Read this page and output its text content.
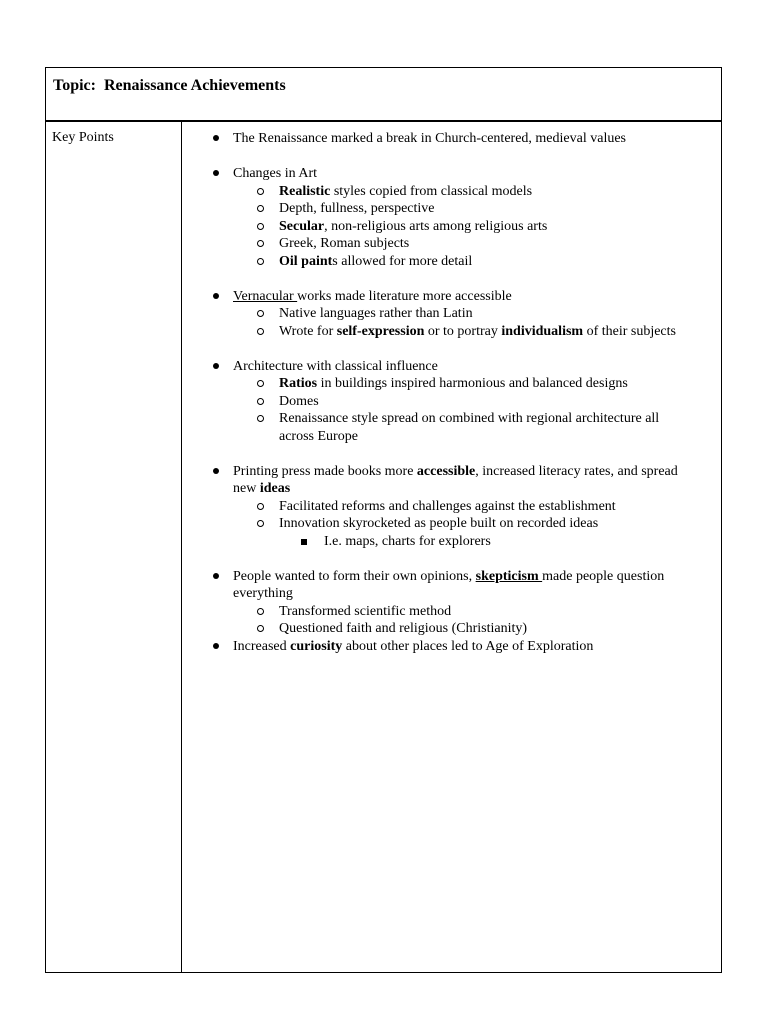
Topic:  Renaissance Achievements
Key Points	The Renaissance marked a break in Church-centered, medieval values
Changes in Art
Realistic styles copied from classical models
Depth, fullness, perspective
Secular, non-religious arts among religious arts
Greek, Roman subjects
Oil paints allowed for more detail
Vernacular works made literature more accessible
Native languages rather than Latin
Wrote for self-expression or to portray individualism of their subjects
Architecture with classical influence
Ratios in buildings inspired harmonious and balanced designs
Domes
Renaissance style spread on combined with regional architecture all
across Europe
Printing press made books more accessible, increased literacy rates, and spread
new ideas
Facilitated reforms and challenges against the establishment
Innovation skyrocketed as people built on recorded ideas
I.e. maps, charts for explorers
People wanted to form their own opinions, skepticism made people question
everything
Transformed scientific method
Questioned faith and religious (Christianity)
Increased curiosity about other places led to Age of Exploration
